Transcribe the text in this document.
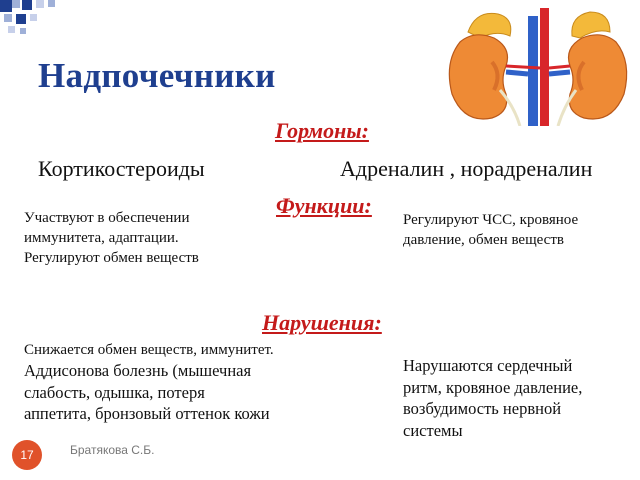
Надпочечники
Гормоны:
Кортикостероиды	Адреналин , норадреналин
Функции:
Участвуют в обеспечении
иммунитета, адаптации.
Регулируют обмен веществ
Регулируют ЧСС, кровяное
давление, обмен веществ
Нарушения:
Снижается обмен веществ, иммунитет.
Аддисонова болезнь (мышечная
слабость, одышка, потеря
аппетита, бронзовый оттенок кожи
Нарушаются сердечный
ритм, кровяное давление,
возбудимость нервной
системы
17	Братякова С.Б.
